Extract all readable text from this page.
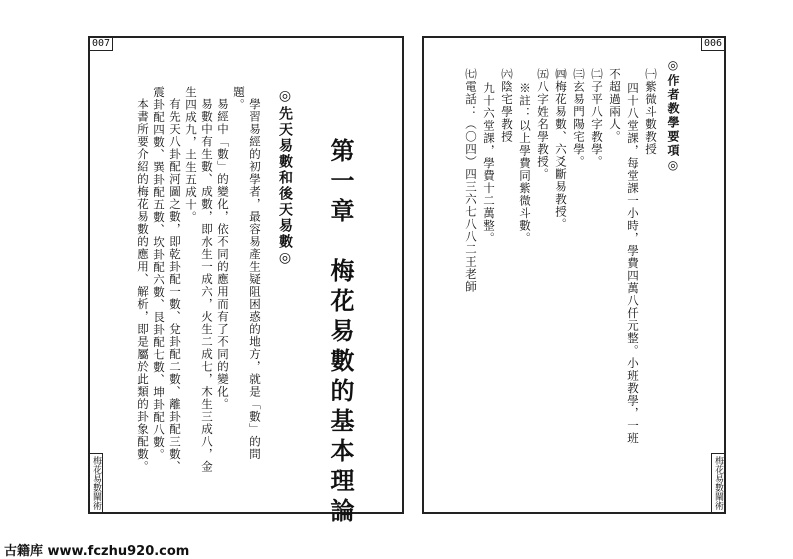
007
第一章　梅花易數的基本理論
◎先天易數和後天易數◎
學習易經的初學者，最容易產生疑阻困惑的地方，就是「數」的問
題。
易經中「數」的變化，依不同的應用而有了不同的變化。
易數中有生數、成數，即水生一成六，火生二成七，木生三成八，金
生四成九，土生五成十。
有先天八卦配河圖之數，即乾卦配一數、兌卦配二數、離卦配三數、
震卦配四數、巽卦配五數、坎卦配六數、艮卦配七數、坤卦配八數。
本書所要介紹的梅花易數的應用、解析，即是屬於此類的卦象配數。
梅花易數闡術
006
◎作者教學要項◎
㈠紫微斗數教授
四十八堂課，每堂課一小時，學費四萬八仟元整。小班教學，一班
不超過兩人。
㈡子平八字教學。
㈢玄易門陽宅學。
㈣梅花易數、六爻斷易教授。
㈤八字姓名學教授。
※註：以上學費同紫微斗數。
㈥陰宅學教授
九十六堂課，學費十二萬整。
㈦電話：（〇四）四三六七八八二王老師
梅花易數闡術
古籍库 www.fczhu920.com
